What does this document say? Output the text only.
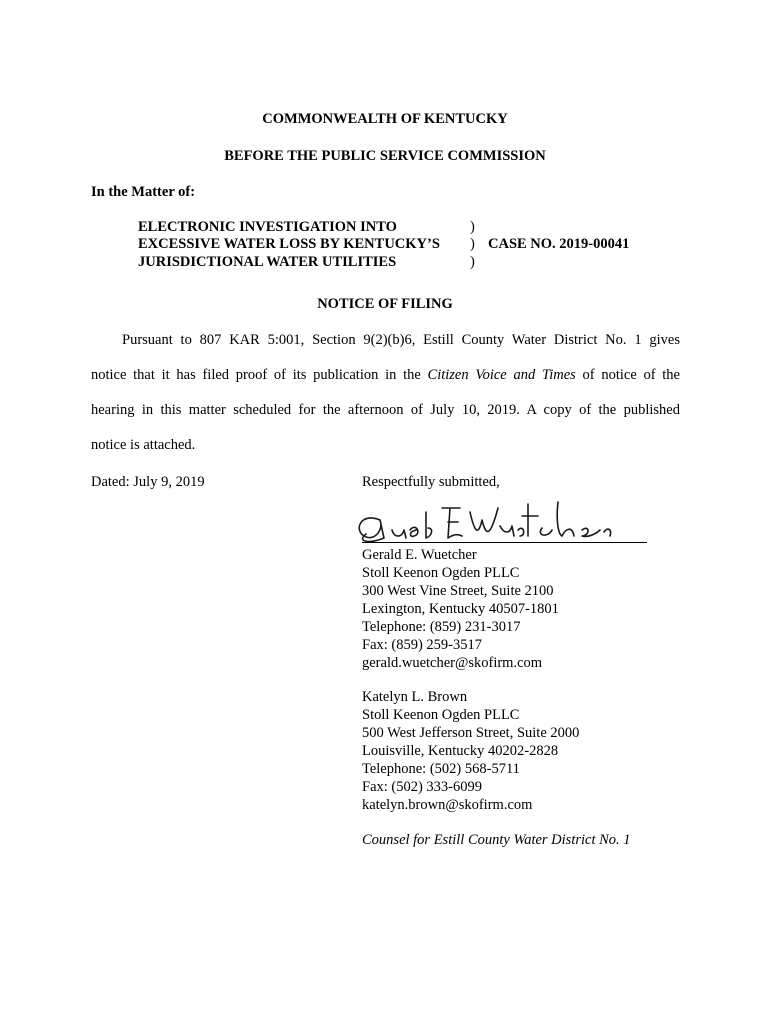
COMMONWEALTH OF KENTUCKY
BEFORE THE PUBLIC SERVICE COMMISSION
In the Matter of:
ELECTRONIC INVESTIGATION INTO
EXCESSIVE WATER LOSS BY KENTUCKY’S
JURISDICTIONAL WATER UTILITIES
)
)
)
CASE NO. 2019-00041
NOTICE OF FILING
Pursuant to 807 KAR 5:001, Section 9(2)(b)6, Estill County Water District No. 1 gives
notice that it has filed proof of its publication in the Citizen Voice and Times of notice of the
hearing in this matter scheduled for the afternoon of July 10, 2019. A copy of the published
notice is attached.
Dated: July 9, 2019	Respectfully submitted,
Gerald E. Wuetcher
Stoll Keenon Ogden PLLC
300 West Vine Street, Suite 2100
Lexington, Kentucky 40507-1801
Telephone: (859) 231-3017
Fax: (859) 259-3517
gerald.wuetcher@skofirm.com
Katelyn L. Brown
Stoll Keenon Ogden PLLC
500 West Jefferson Street, Suite 2000
Louisville, Kentucky 40202-2828
Telephone: (502) 568-5711
Fax: (502) 333-6099
katelyn.brown@skofirm.com
Counsel for Estill County Water District No. 1
